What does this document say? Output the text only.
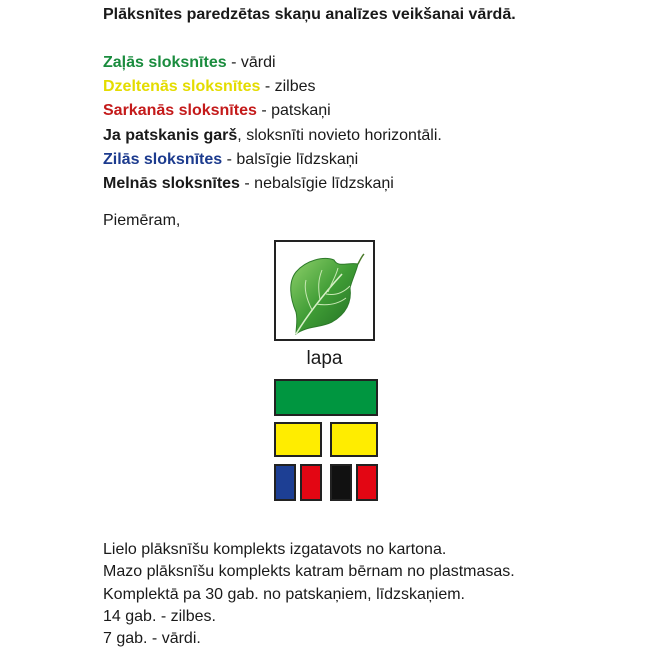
Plāksnītes paredzētas skaņu analīzes veikšanai vārdā.
Zaļās sloksnītes - vārdi
Dzeltenās sloksnītes - zilbes
Sarkanās sloksnītes - patskaņi
Ja patskanis garš, sloksnīti novieto horizontāli.
Zilās sloksnītes - balsīgie līdzskaņi
Melnās sloksnītes - nebalsīgie līdzskaņi
Piemēram,
lapa
Lielo plāksnīšu komplekts izgatavots no kartona.
Mazo plāksnīšu komplekts katram bērnam no plastmasas.
Komplektā pa 30 gab. no patskaņiem, līdzskaņiem.
14 gab. - zilbes.
7 gab. - vārdi.
